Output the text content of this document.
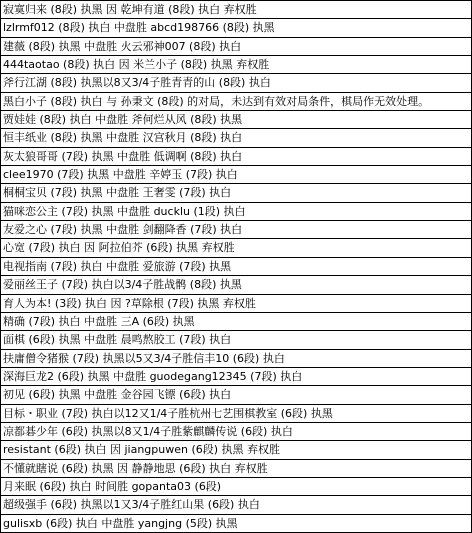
寂寞归来 (8段) 执黑 因 乾坤有道 (8段) 执白 弃权胜
lzlrmf012 (8段) 执白 中盘胜 abcd198766 (8段) 执黑
建薇 (8段) 执黑 中盘胜 火云邪神007 (8段) 执白
444taotao (8段) 执白 因 米兰小子 (8段) 执黑 弃权胜
斧行江湖 (8段) 执黑以8又3/4子胜青青的山 (8段) 执白
黑白小子 (8段) 执白 与 孙秉文 (8段) 的对局，未达到有效对局条件，棋局作无效处理。
贾娃娃 (8段) 执白 中盘胜 斧何烂从风 (8段) 执黑
恒丰纸业 (8段) 执黑 中盘胜 汉宫秋月 (8段) 执白
灰太狼哥哥 (7段) 执黑 中盘胜 低调啊 (8段) 执白
clee1970 (7段) 执黑 中盘胜 辛婷玉 (7段) 执白
桐桐宝贝 (7段) 执黑 中盘胜 王奢雯 (7段) 执白
猫咪恋公主 (7段) 执黑 中盘胜 ducklu (1段) 执白
友爱之心 (7段) 执黑 中盘胜 剑翻降香 (7段) 执白
心宽 (7段) 执白 因 阿拉伯芥 (6段) 执黑 弃权胜
电视指南 (7段) 执白 中盘胜 爱旅游 (7段) 执黑
爱丽丝王子 (7段) 执白以3/4子胜战鹘 (8段) 执黑
育人为本! (3段) 执白 因 ?草除根 (7段) 执黑 弃权胜
精确 (7段) 执白 中盘胜 三A (6段) 执黑
面棋 (6段) 执黑 中盘胜 晨鸣熬胶工 (7段) 执白
扶庸僧令猪猴 (7段) 执黑以5又3/4子胜信丰10 (6段) 执白
深海巨龙2 (6段) 执黑 中盘胜 guodegang12345 (7段) 执白
初见 (6段) 执黑 中盘胜 金谷园飞镖 (6段) 执白
目标・职业 (7段) 执白以12又1/4子胜杭州七艺围棋教室 (6段) 执黑
凉都碁少年 (6段) 执黑以8又1/4子胜紫麒麟传说 (6段) 执白
resistant (6段) 执白 因 jiangpuwen (6段) 执黑 弃权胜
不懂就瞎说 (6段) 执黑 因 静静地思 (6段) 执白 弃权胜
月来眠 (6段) 执白 时间胜 gopanta03 (6段)
超级强手 (6段) 执黑以1又3/4子胜红山果 (6段) 执白
gulisxb (6段) 执白 中盘胜 yangjng (5段) 执黑
